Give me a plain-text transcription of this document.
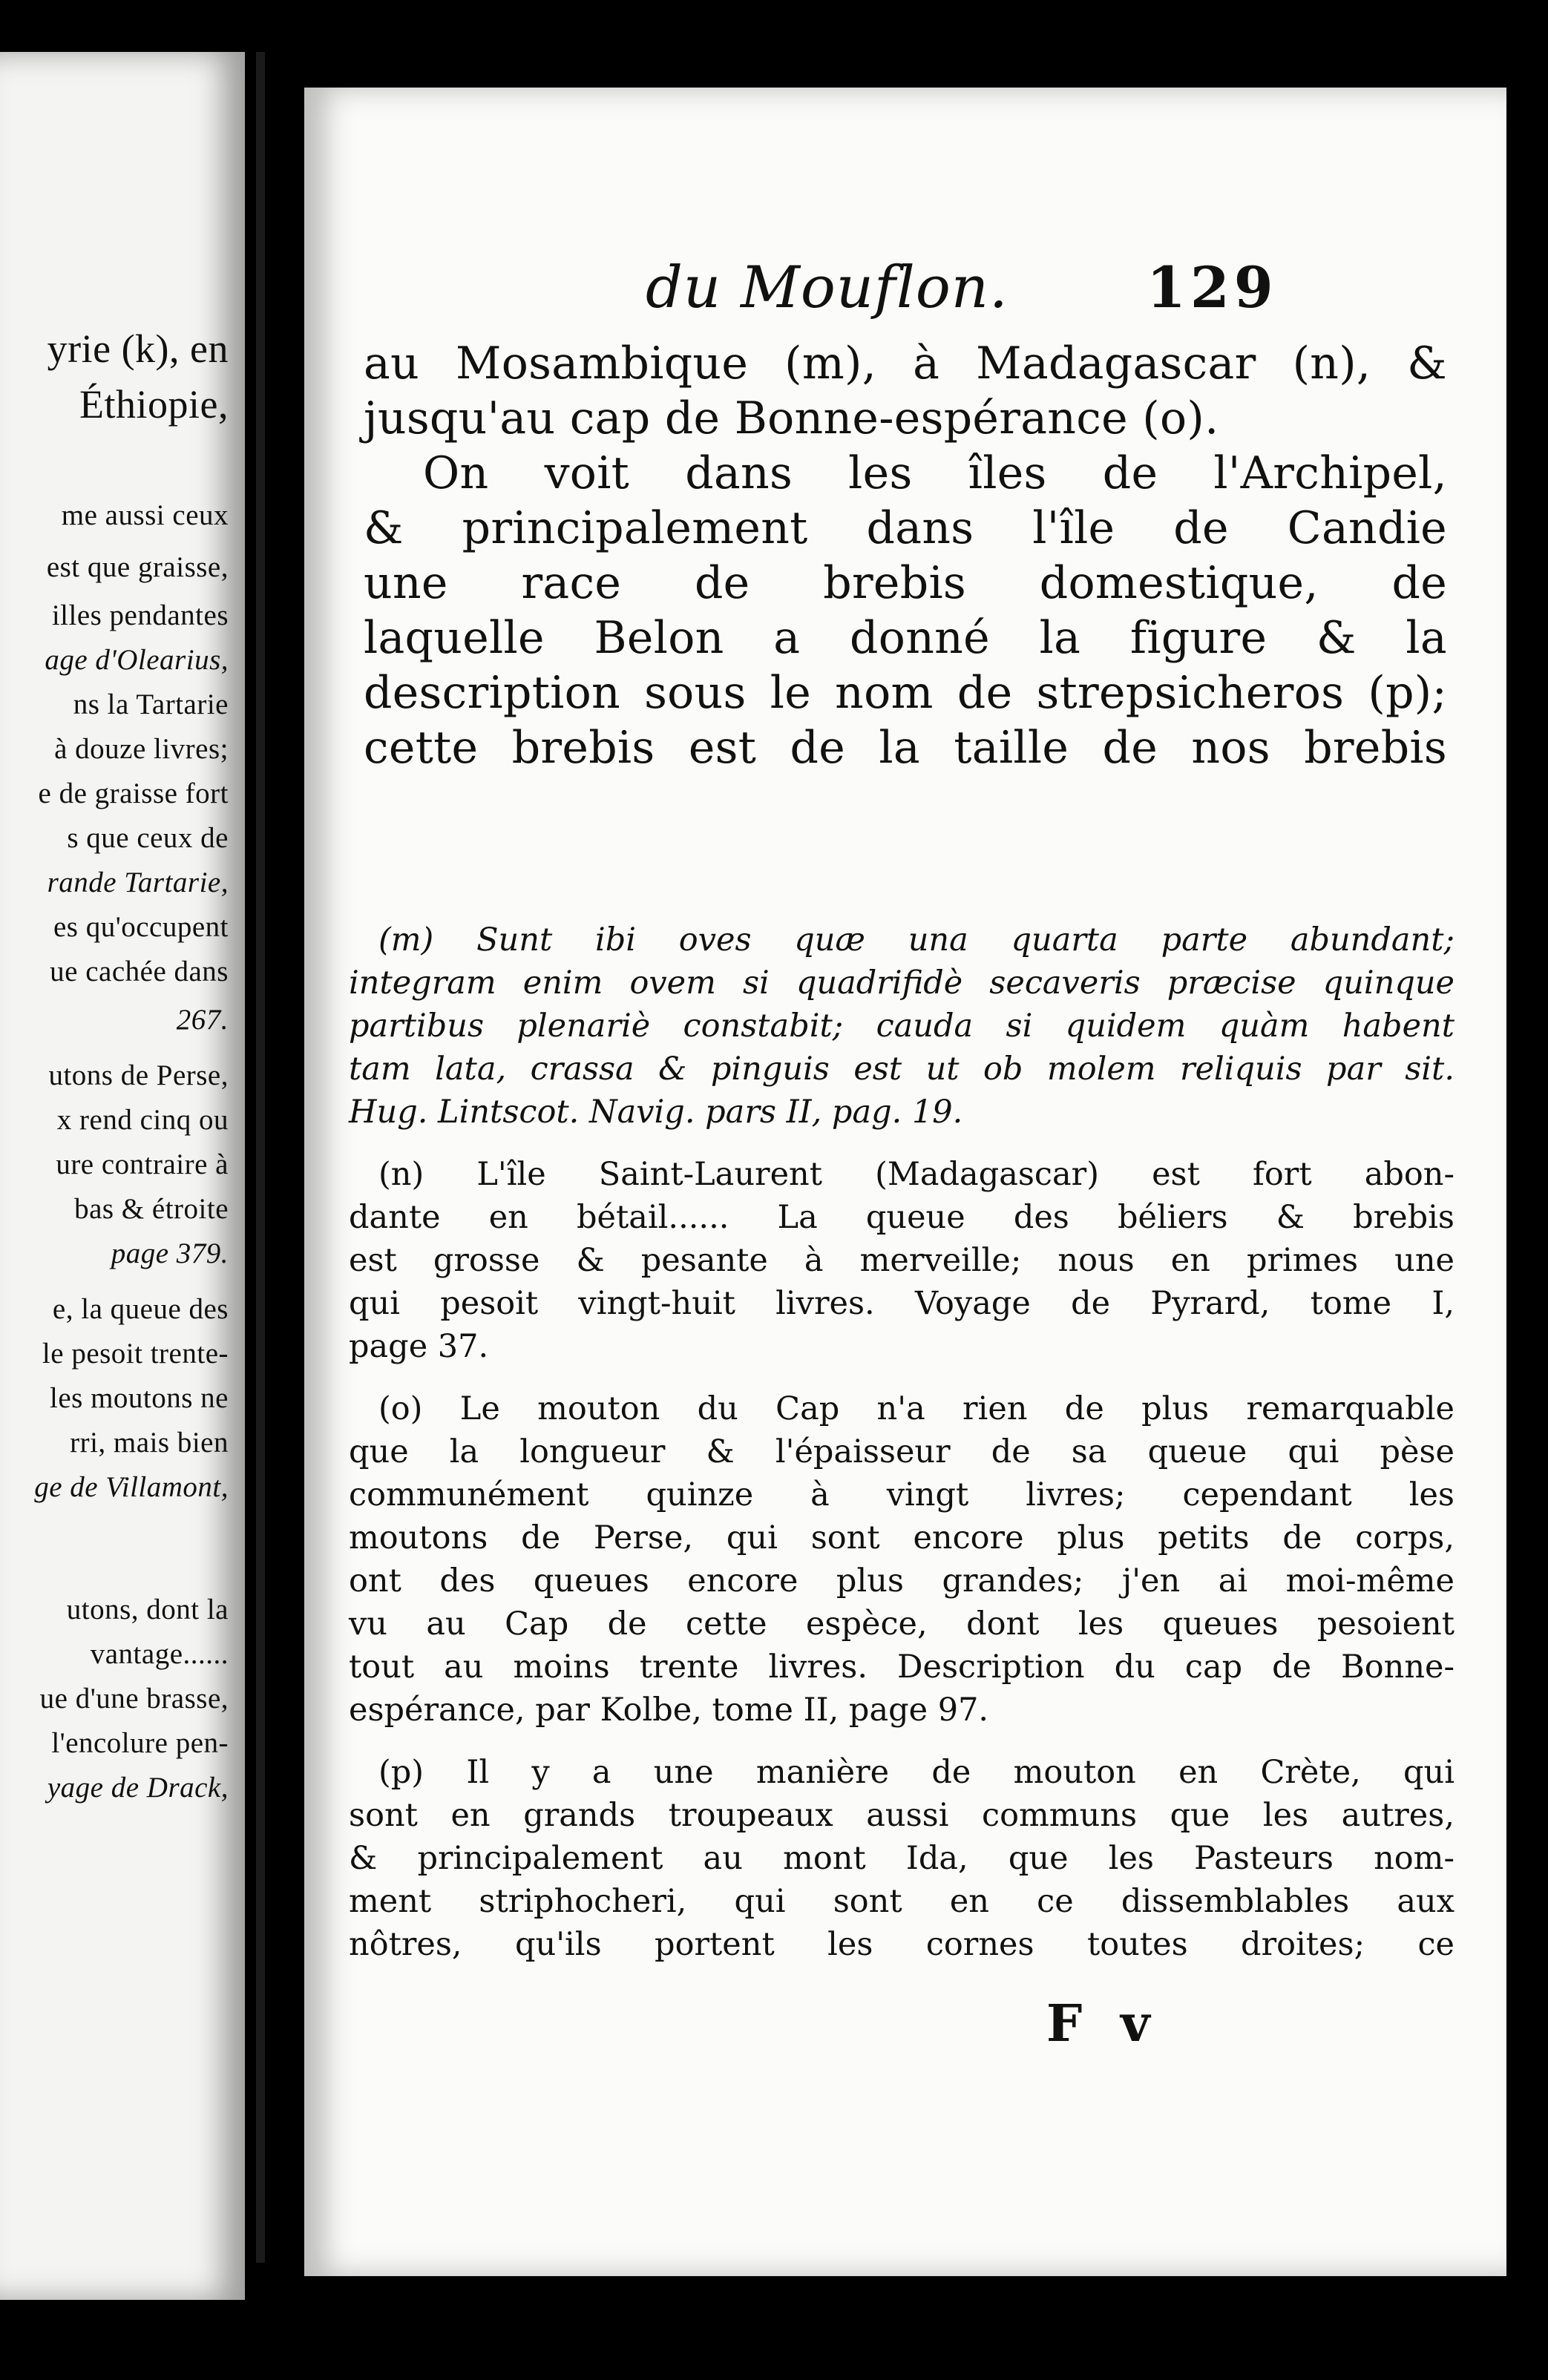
yrie (k), en
Éthiopie,
me aussi ceux
est que graisse,
illes pendantes
age d'Olearius,
ns la Tartarie
à douze livres;
e de graisse fort
s que ceux de
rande Tartarie,
es qu'occupent
ue cachée dans
267.
utons de Perse,
x rend cinq ou
ure contraire à
bas & étroite
page 379.
e, la queue des
le pesoit trente-
les moutons ne
rri, mais bien
ge de Villamont,
utons, dont la
vantage......
ue d'une brasse,
l'encolure pen-
yage de Drack,
du Mouflon. 129
au Mosambique (m), à Madagascar (n), &
jusqu'au cap de Bonne-espérance (o).
On voit dans les îles de l'Archipel,
& principalement dans l'île de Candie
une race de brebis domestique, de
laquelle Belon a donné la figure & la
description sous le nom de strepsicheros (p);
cette brebis est de la taille de nos brebis
(m) Sunt ibi oves quæ una quarta parte abundant;
integram enim ovem si quadrifidè secaveris præcise quinque
partibus plenariè constabit; cauda si quidem quàm habent
tam lata, crassa & pinguis est ut ob molem reliquis par sit.
Hug. Lintscot. Navig. pars II, pag. 19.
(n) L'île Saint-Laurent (Madagascar) est fort abon-
dante en bétail...... La queue des béliers & brebis
est grosse & pesante à merveille; nous en primes une
qui pesoit vingt-huit livres. Voyage de Pyrard, tome I,
page 37.
(o) Le mouton du Cap n'a rien de plus remarquable
que la longueur & l'épaisseur de sa queue qui pèse
communément quinze à vingt livres; cependant les
moutons de Perse, qui sont encore plus petits de corps,
ont des queues encore plus grandes; j'en ai moi-même
vu au Cap de cette espèce, dont les queues pesoient
tout au moins trente livres. Description du cap de Bonne-
espérance, par Kolbe, tome II, page 97.
(p) Il y a une manière de mouton en Crète, qui
sont en grands troupeaux aussi communs que les autres,
& principalement au mont Ida, que les Pasteurs nom-
ment striphocheri, qui sont en ce dissemblables aux
nôtres, qu'ils portent les cornes toutes droites; ce
F v
